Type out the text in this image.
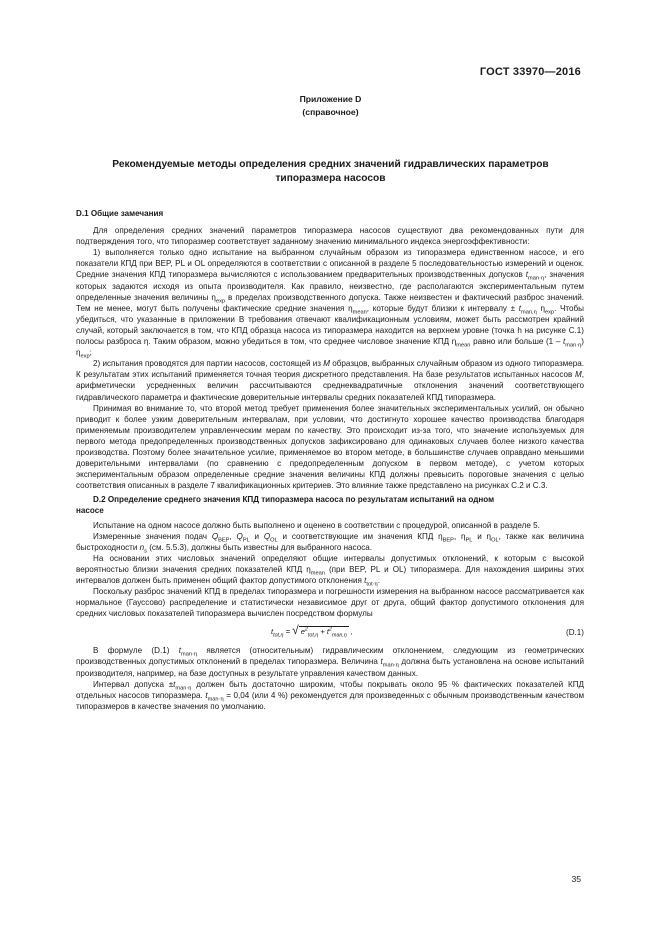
ГОСТ 33970—2016
Приложение D
(справочное)
Рекомендуемые методы определения средних значений гидравлических параметров
типоразмера насосов
D.1 Общие замечания

Для определения средних значений параметров типоразмера насосов существуют два рекомендованных пути для подтверждения того, что типоразмер соответствует заданному значению минимального индекса энергоэффективности:

1) выполняется только одно испытание на выбранном случайным образом из типоразмера единственном насосе, и его показатели КПД при BEP, PL и OL определяются в соответствии с описанной в разделе 5 последовательностью измерений и оценок. Средние значения КПД типоразмера вычисляются с использованием предварительных производственных допусков $t_{man\cdot\eta}$, значения которых задаются исходя из опыта производителя. Как правило, неизвестно, где располагаются экспериментальным путем определенные значения величины $\eta_{exp}$ в пределах производственного допуска. Также неизвестен и фактический разброс значений. Тем не менее, могут быть получены фактические средние значения $\eta_{mean}$, которые будут близки к интервалу ± $t_{man,\eta}$ $\eta_{exp}$. Чтобы убедиться, что указанные в приложении В требования отвечают квалификационным условиям, может быть рассмотрен крайний случай, который заключается в том, что КПД образца насоса из типоразмера находится на верхнем уровне (точка h на рисунке С.1) полосы разброса η. Таким образом, можно убедиться в том, что среднее числовое значение КПД $\eta_{mean}$ равно или больше $(1 - t_{man\cdot\eta})$ $\eta_{exp}$;

2) испытания проводятся для партии насосов, состоящей из M образцов, выбранных случайным образом из одного типоразмера. К результатам этих испытаний применяется точная теория дискретного представления. На базе результатов испытанных насосов M, арифметически усредненных величин рассчитываются среднеквадратичные отклонения значений соответствующего гидравлического параметра и фактические доверительные интервалы средних показателей КПД типоразмера.

Принимая во внимание то, что второй метод требует применения более значительных экспериментальных усилий, он обычно приводит к более узким доверительным интервалам, при условии, что достигнуто хорошее качество производства благодаря применяемым производителем управленческим мерам по качеству. Это происходит из-за того, что значение используемых для первого метода предопределенных производственных допусков зафиксировано для одинаковых случаев более низкого качества производства. Поэтому более значительное усилие, применяемое во втором методе, в большинстве случаев оправдано меньшими доверительными интервалами (по сравнению с предопределенным допуском в первом методе), с учетом которых экспериментальным образом определенные средние значения величины КПД должны превысить пороговые значения с целью соответствия описанных в разделе 7 квалификационных критериев. Это влияние также представлено на рисунках С.2 и С.3.

D.2 Определение среднего значения КПД типоразмера насоса по результатам испытаний на одном
насосе

Испытание на одном насосе должно быть выполнено и оценено в соответствии с процедурой, описанной в разделе 5.

Измеренные значения подач $Q_{BEP}$, $Q_{PL}$ и $Q_{OL}$ и соответствующие им значения КПД $\eta_{BEP}$, $\eta_{PL}$ и $\eta_{OL}$, также как величина быстроходности $n_s$ (см. 5.5.3), должны быть известны для выбранного насоса.

На основании этих числовых значений определяют общие интервалы допустимых отклонений, к которым с высокой вероятностью близки значения средних показателей КПД $\eta_{mean}$ (при BEP, PL и OL) типоразмера. Для нахождения ширины этих интервалов должен быть применен общий фактор допустимого отклонения $t_{tot\cdot\eta}$.

Поскольку разброс значений КПД в пределах типоразмера и погрешности измерения на выбранном насосе рассматривается как нормальное (Гауссово) распределение и статистически независимое друг от друга, общий фактор допустимого отклонения для средних числовых показателей типоразмера вычислен посредством формулы

$t_{tot,\eta}$ = √ $e^2_{tot,\eta} + t^2_{man,\eta}$ ,	(D.1)

В формуле (D.1) $t_{man\cdot\eta}$ является (относительным) гидравлическим отклонением, следующим из геометрических производственных допустимых отклонений в пределах типоразмера. Величина $t_{man\cdot\eta}$ должна быть установлена на основе испытаний производителя, например, на базе доступных в результате управления качеством данных.

Интервал допуска $\pm t_{man\cdot\eta}$ должен быть достаточно широким, чтобы покрывать около 95 % фактических показателей КПД отдельных насосов типоразмера. $t_{man\cdot\eta} = 0,04$ (или 4 %) рекомендуется для произведенных с обычным производственным качеством типоразмеров в качестве значения по умолчанию.

35
